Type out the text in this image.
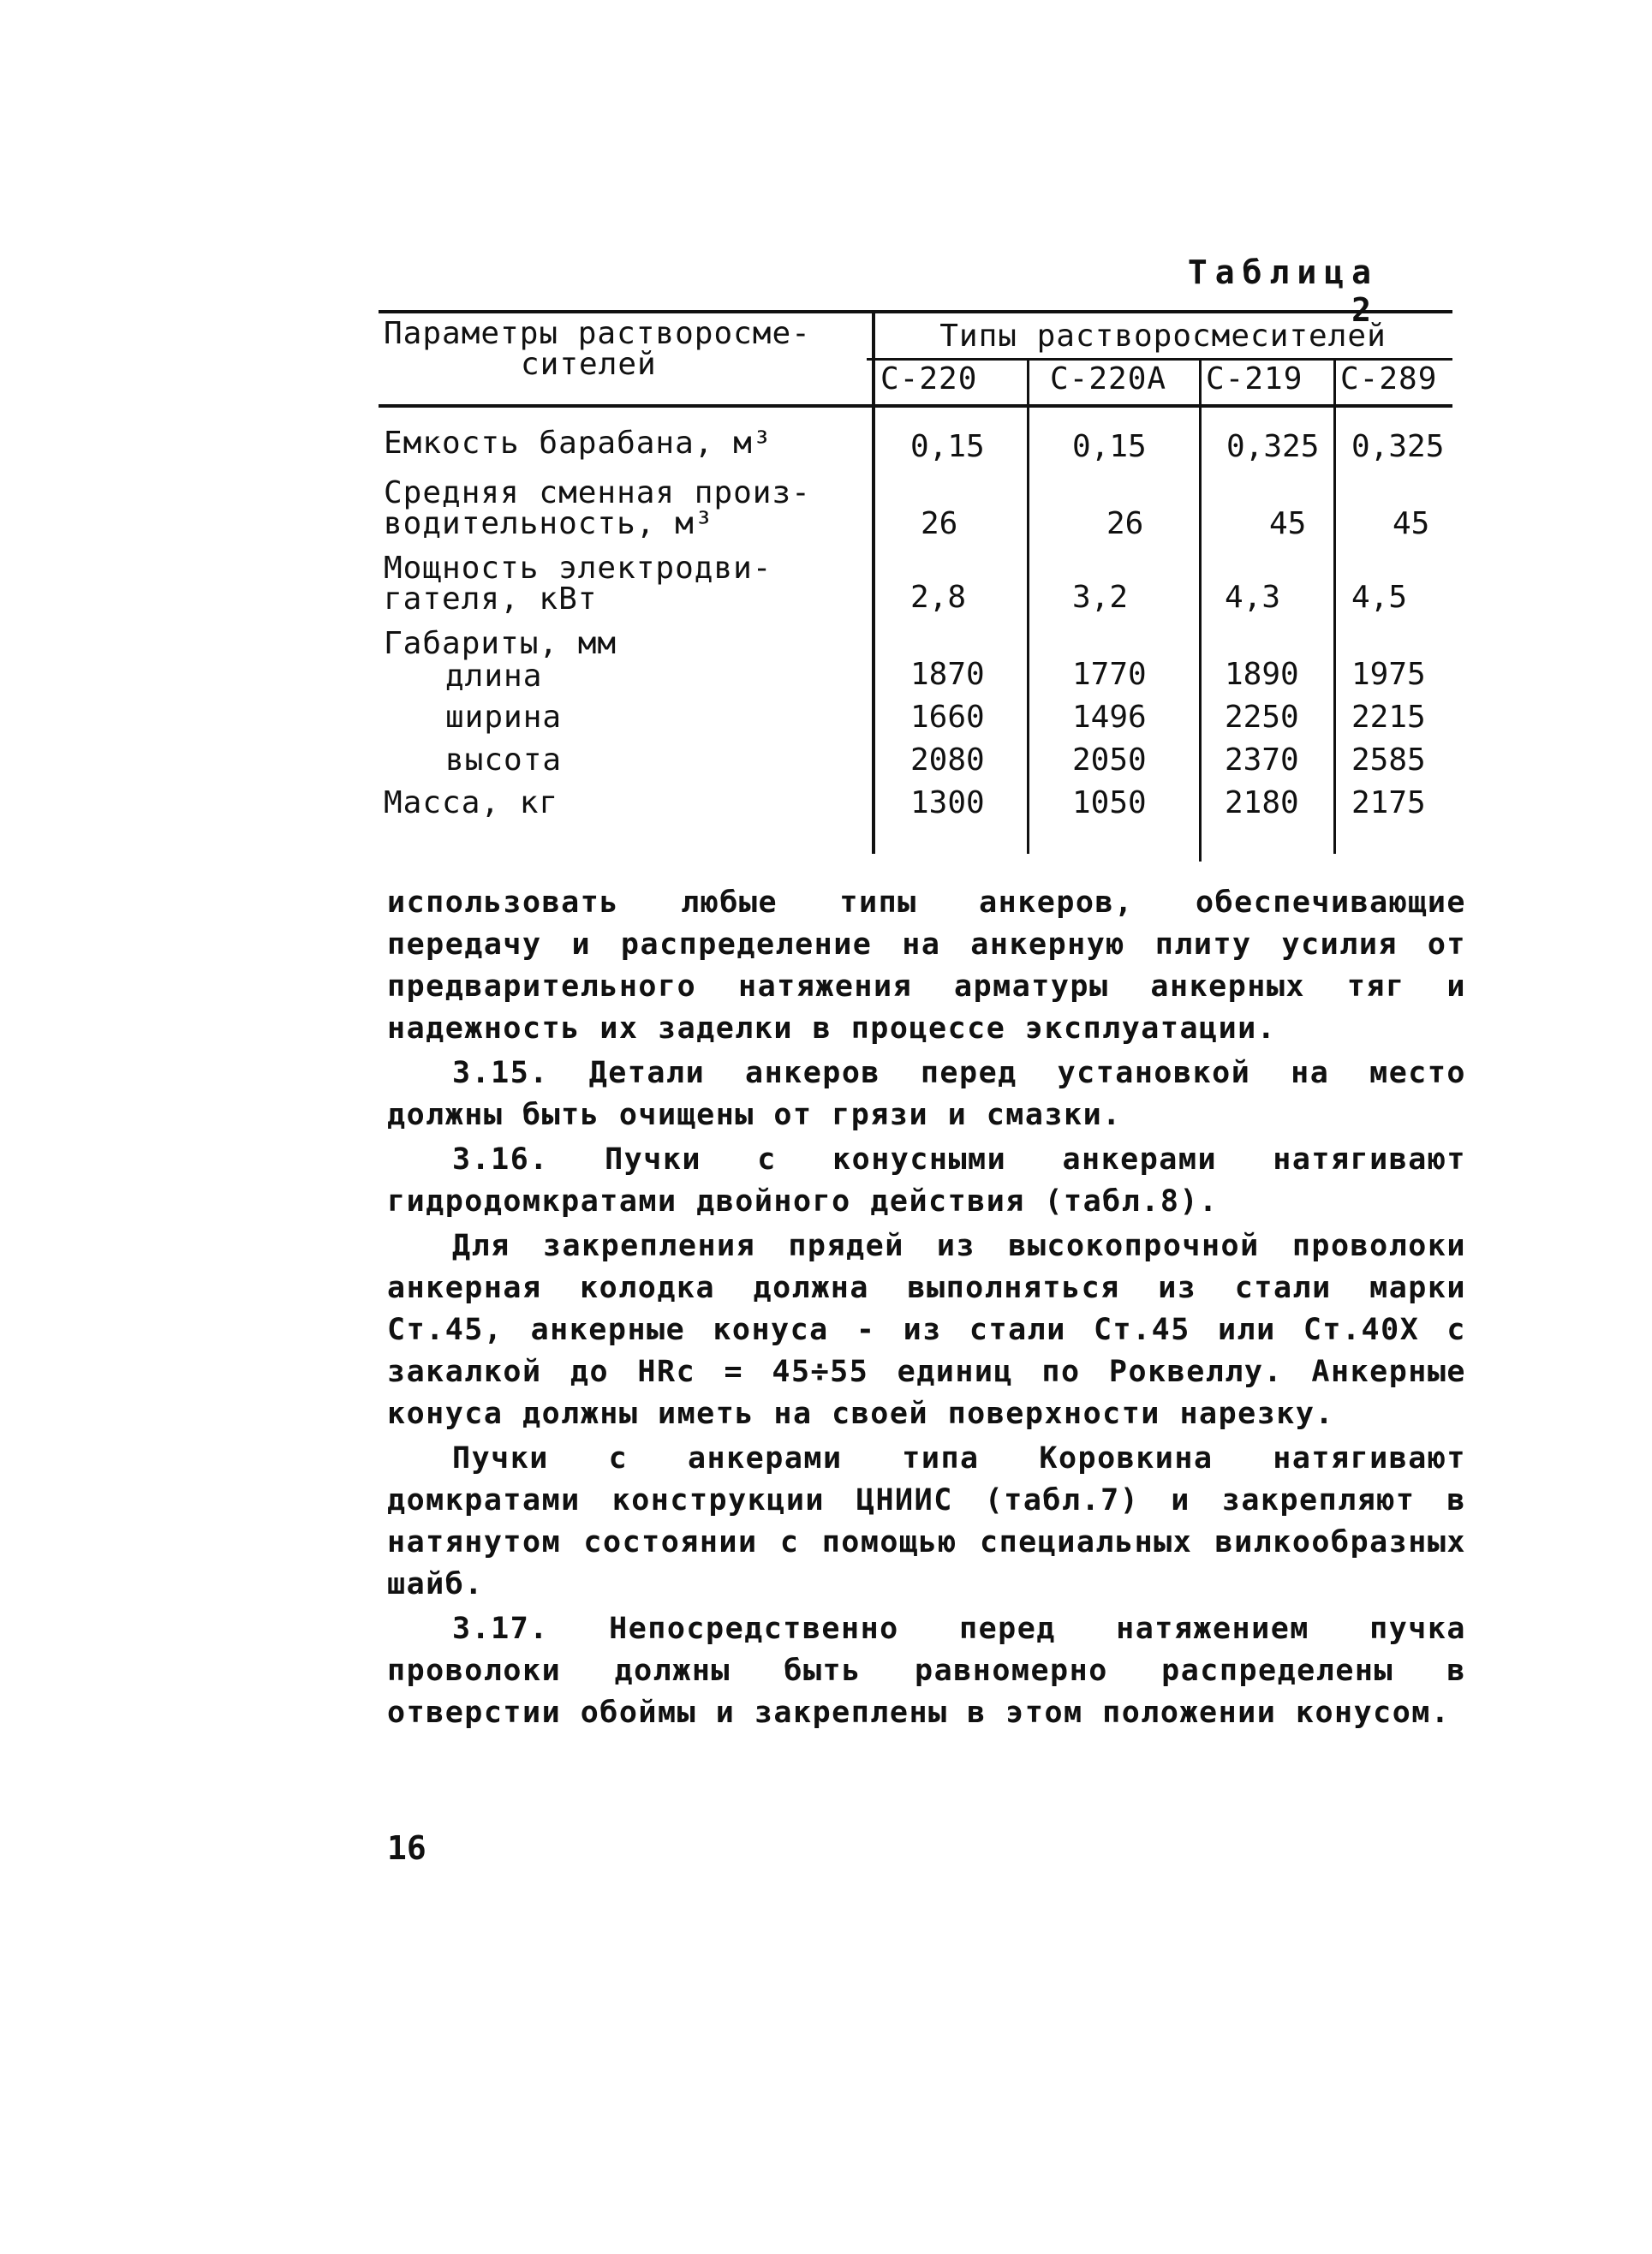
Таблица
Параметры растворосме-
сителей
Типы растворосмесителей
С-220 С-220А С-219 С-289
Емкость барабана, м³	0,15	0,15	0,325 0,325
Средняя сменная произ-
водительность, м³	26	26	45	45
Мощность электродви-
гателя, кВт	2,8	3,2	4,3 4,5
Габариты, мм
длина	1870	1770	1890 1975
ширина	1660	1496	2250 2215
высота	2080	2050	2370 2585
Масса, кг	1300	1050	2180 2175

использовать любые типы анкеров, обеспечивающие передачу и распределение на анкерную плиту усилия от предварительного натяжения арматуры анкерных тяг и надежность их заделки в процессе эксплуатации.

3.15. Детали анкеров перед установкой на место должны быть очищены от грязи и смазки.

3.16. Пучки с конусными анкерами натягивают гидродомкратами двойного действия (табл.8).

Для закрепления прядей из высокопрочной проволоки анкерная колодка должна выполняться из стали марки Ст.45, анкерные конуса - из стали Ст.45 или Ст.40Х с закалкой до HRc = 45÷55 единиц по Роквеллу. Анкерные конуса должны иметь на своей поверхности нарезку.

Пучки с анкерами типа Коровкина натягивают домкратами конструкции ЦНИИС (табл.7) и закрепляют в натянутом состоянии с помощью специальных вилкообразных шайб.

3.17. Непосредственно перед натяжением пучка проволоки должны быть равномерно распределены в отверстии обоймы и закреплены в этом положении конусом.

16
